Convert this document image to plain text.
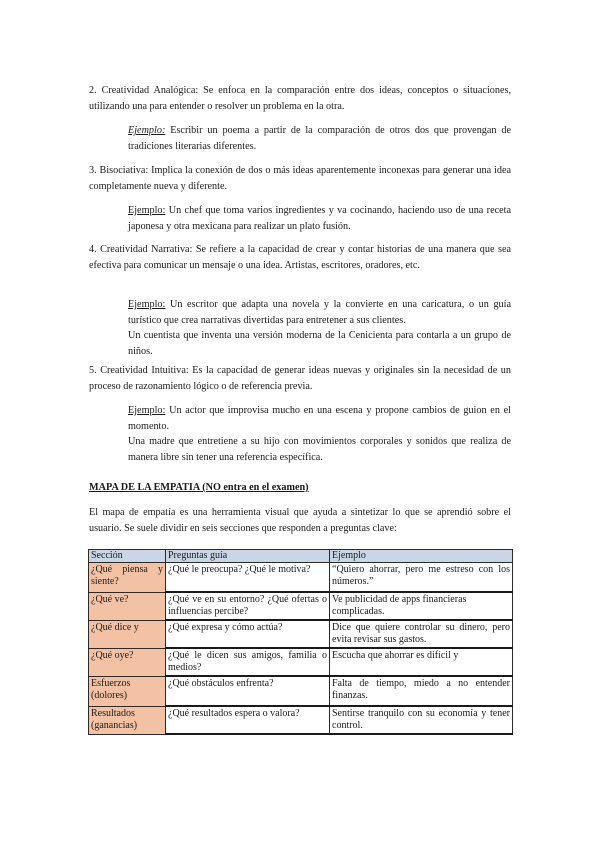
2. Creatividad Analógica: Se enfoca en la comparación entre dos ideas, conceptos o situaciones, utilizando una para entender o resolver un problema en la otra.

Ejemplo: Escribir un poema a partir de la comparación de otros dos que provengan de tradiciones literarias diferentes.

3. Bisociativa: Implica la conexión de dos o más ideas aparentemente inconexas para generar una idea completamente nueva y diferente.

Ejemplo: Un chef que toma varios ingredientes y va cocinando, haciendo uso de una receta japonesa y otra mexicana para realizar un plato fusión.

4. Creatividad Narrativa: Se refiere a la capacidad de crear y contar historias de una manera que sea efectiva para comunicar un mensaje o una idea. Artistas, escritores, oradores, etc.

Ejemplo: Un escritor que adapta una novela y la convierte en una caricatura, o un guía turístico que crea narrativas divertidas para entretener a sus clientes.

Un cuentista que inventa una versión moderna de la Cenicienta para contarla a un grupo de niños.

5. Creatividad Intuitiva: Es la capacidad de generar ideas nuevas y originales sin la necesidad de un proceso de razonamiento lógico o de referencia previa.

Ejemplo: Un actor que improvisa mucho en una escena y propone cambios de guion en el momento.

Una madre que entretiene a su hijo con movimientos corporales y sonidos que realiza de manera libre sin tener una referencia específica.

MAPA DE LA EMPATIA (NO entra en el examen)

El mapa de empatía es una herramienta visual que ayuda a sintetizar lo que se aprendió sobre el usuario. Se suele dividir en seis secciones que responden a preguntas clave:

Sección	Preguntas guía	Ejemplo
¿Qué piensa y siente?	¿Qué le preocupa? ¿Qué le motiva?	“Quiero ahorrar, pero me estreso con los números.”
¿Qué ve?	¿Qué ve en su entorno? ¿Qué ofertas o influencias percibe?	Ve publicidad de apps financieras complicadas.
¿Qué dice y	¿Qué expresa y cómo actúa?	Dice que quiere controlar su dinero, pero evita revisar sus gastos.
¿Qué oye?	¿Qué le dicen sus amigos, familia o medios?	Escucha que ahorrar es difícil y
Esfuerzos (dolores)	¿Qué obstáculos enfrenta?	Falta de tiempo, miedo a no entender finanzas.
Resultados (ganancias)	¿Qué resultados espera o valora?	Sentirse tranquilo con su economía y tener control.
